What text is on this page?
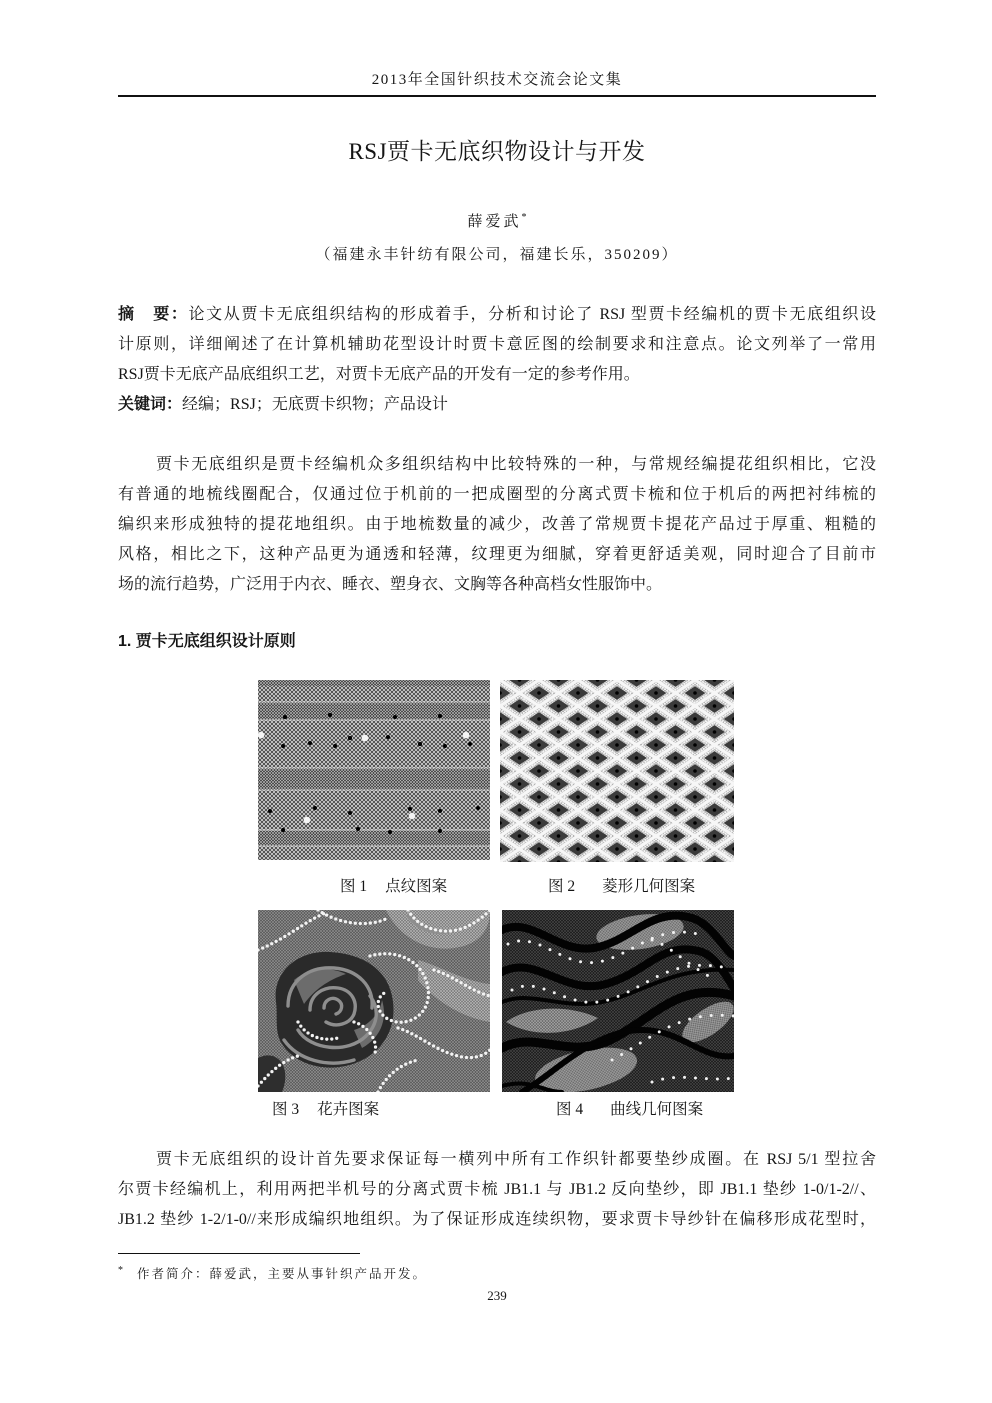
2013年全国针织技术交流会论文集
RSJ贾卡无底织物设计与开发
薛爱武*
（福建永丰针纺有限公司，福建长乐，350209）
摘　要：论文从贾卡无底组织结构的形成着手，分析和讨论了 RSJ 型贾卡经编机的贾卡无底组织设
计原则，详细阐述了在计算机辅助花型设计时贾卡意匠图的绘制要求和注意点。论文列举了一常用
RSJ贾卡无底产品底组织工艺，对贾卡无底产品的开发有一定的参考作用。
关键词：经编；RSJ；无底贾卡织物；产品设计
贾卡无底组织是贾卡经编机众多组织结构中比较特殊的一种，与常规经编提花组织相比，它没
有普通的地梳线圈配合，仅通过位于机前的一把成圈型的分离式贾卡梳和位于机后的两把衬纬梳的
编织来形成独特的提花地组织。由于地梳数量的减少，改善了常规贾卡提花产品过于厚重、粗糙的
风格，相比之下，这种产品更为通透和轻薄，纹理更为细腻，穿着更舒适美观，同时迎合了目前市
场的流行趋势，广泛用于内衣、睡衣、塑身衣、文胸等各种高档女性服饰中。
1. 贾卡无底组织设计原则
图 1 点纹图案	图 2 菱形几何图案
图 3 花卉图案	图 4 曲线几何图案
贾卡无底组织的设计首先要求保证每一横列中所有工作织针都要垫纱成圈。在 RSJ 5/1 型拉舍
尔贾卡经编机上，利用两把半机号的分离式贾卡梳 JB1.1 与 JB1.2 反向垫纱，即 JB1.1 垫纱 1-0/1-2//、
JB1.2 垫纱 1-2/1-0//来形成编织地组织。为了保证形成连续织物，要求贾卡导纱针在偏移形成花型时，
* 作者简介：薛爱武，主要从事针织产品开发。
239
